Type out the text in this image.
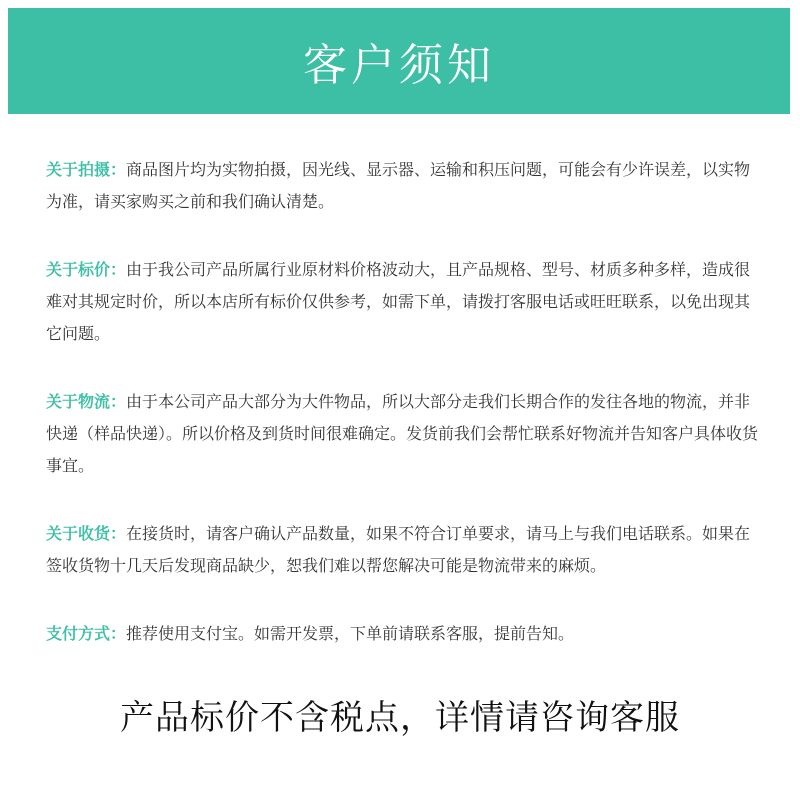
客户须知

关于拍摄：商品图片均为实物拍摄，因光线、显示器、运输和积压问题，可能会有少许误差，以实物为准，请买家购买之前和我们确认清楚。

关于标价：由于我公司产品所属行业原材料价格波动大，且产品规格、型号、材质多种多样，造成很难对其规定时价，所以本店所有标价仅供参考，如需下单，请拨打客服电话或旺旺联系，以免出现其它问题。

关于物流：由于本公司产品大部分为大件物品，所以大部分走我们长期合作的发往各地的物流，并非快递（样品快递）。所以价格及到货时间很难确定。发货前我们会帮忙联系好物流并告知客户具体收货事宜。

关于收货：在接货时，请客户确认产品数量，如果不符合订单要求，请马上与我们电话联系。如果在签收货物十几天后发现商品缺少，恕我们难以帮您解决可能是物流带来的麻烦。

支付方式：推荐使用支付宝。如需开发票，下单前请联系客服，提前告知。

产品标价不含税点，详情请咨询客服
